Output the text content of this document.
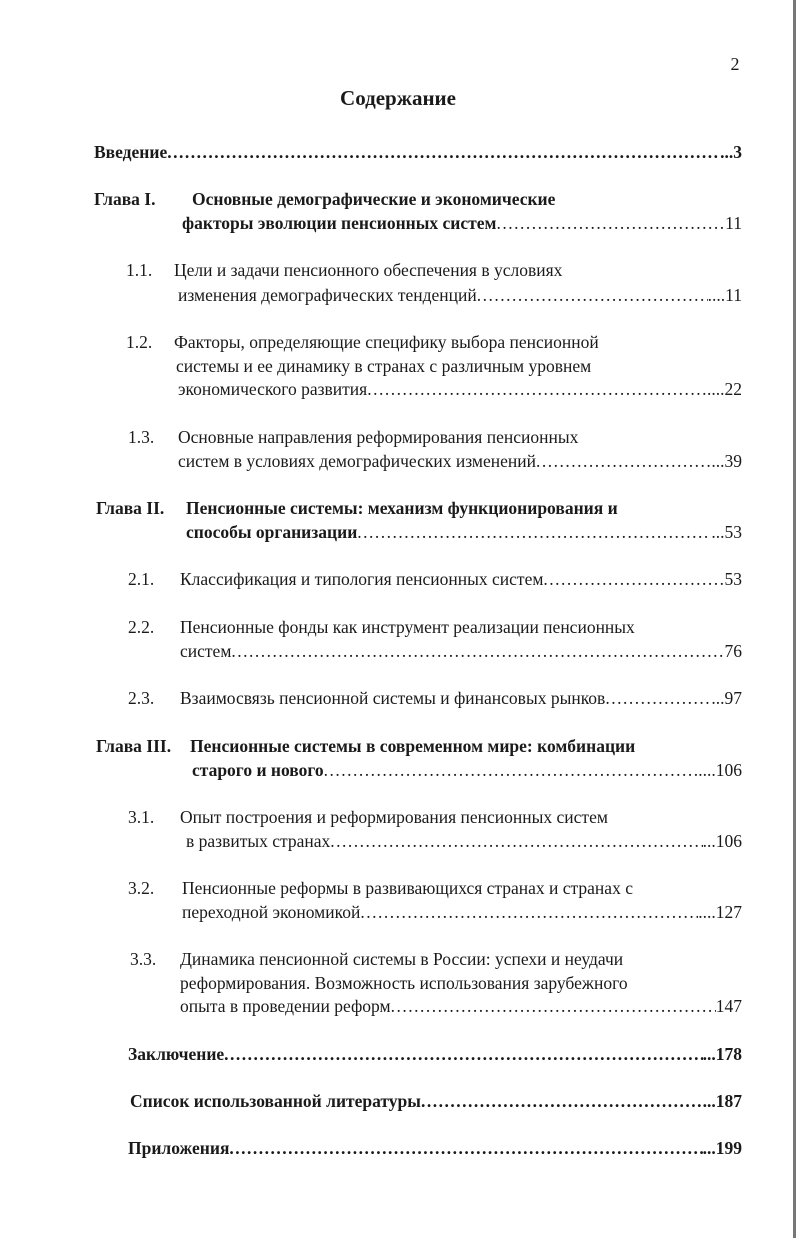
2
Содержание
Введение .....	...3
Глава I. Основные демографические и экономические
факторы эволюции пенсионных систем .....	11
1.1. Цели и задачи пенсионного обеспечения в условиях
изменения демографических тенденций .....	....11
1.2. Факторы, определяющие специфику выбора пенсионной
системы и ее динамику в странах с различным уровнем
экономического развития .....	....22
1.3. Основные направления реформирования пенсионных
систем в условиях демографических изменений .....	...39
Глава II. Пенсионные системы: механизм функционирования и
способы организации .....	...53
2.1. Классификация и типология пенсионных систем .....	53
2.2. Пенсионные фонды как инструмент реализации пенсионных
систем .....	76
2.3. Взаимосвязь пенсионной системы и финансовых рынков .....	...97
Глава III. Пенсионные системы в современном мире: комбинации
старого и нового .....	....106
3.1. Опыт построения и реформирования пенсионных систем
в развитых странах .....	...106
3.2. Пенсионные реформы в развивающихся странах и странах с
переходной экономикой .....	....127
3.3. Динамика пенсионной системы в России: успехи и неудачи
реформирования. Возможность использования зарубежного
опыта в проведении реформ .....	147
Заключение .....	...178
Список использованной литературы .....	...187
Приложения .....	...199
